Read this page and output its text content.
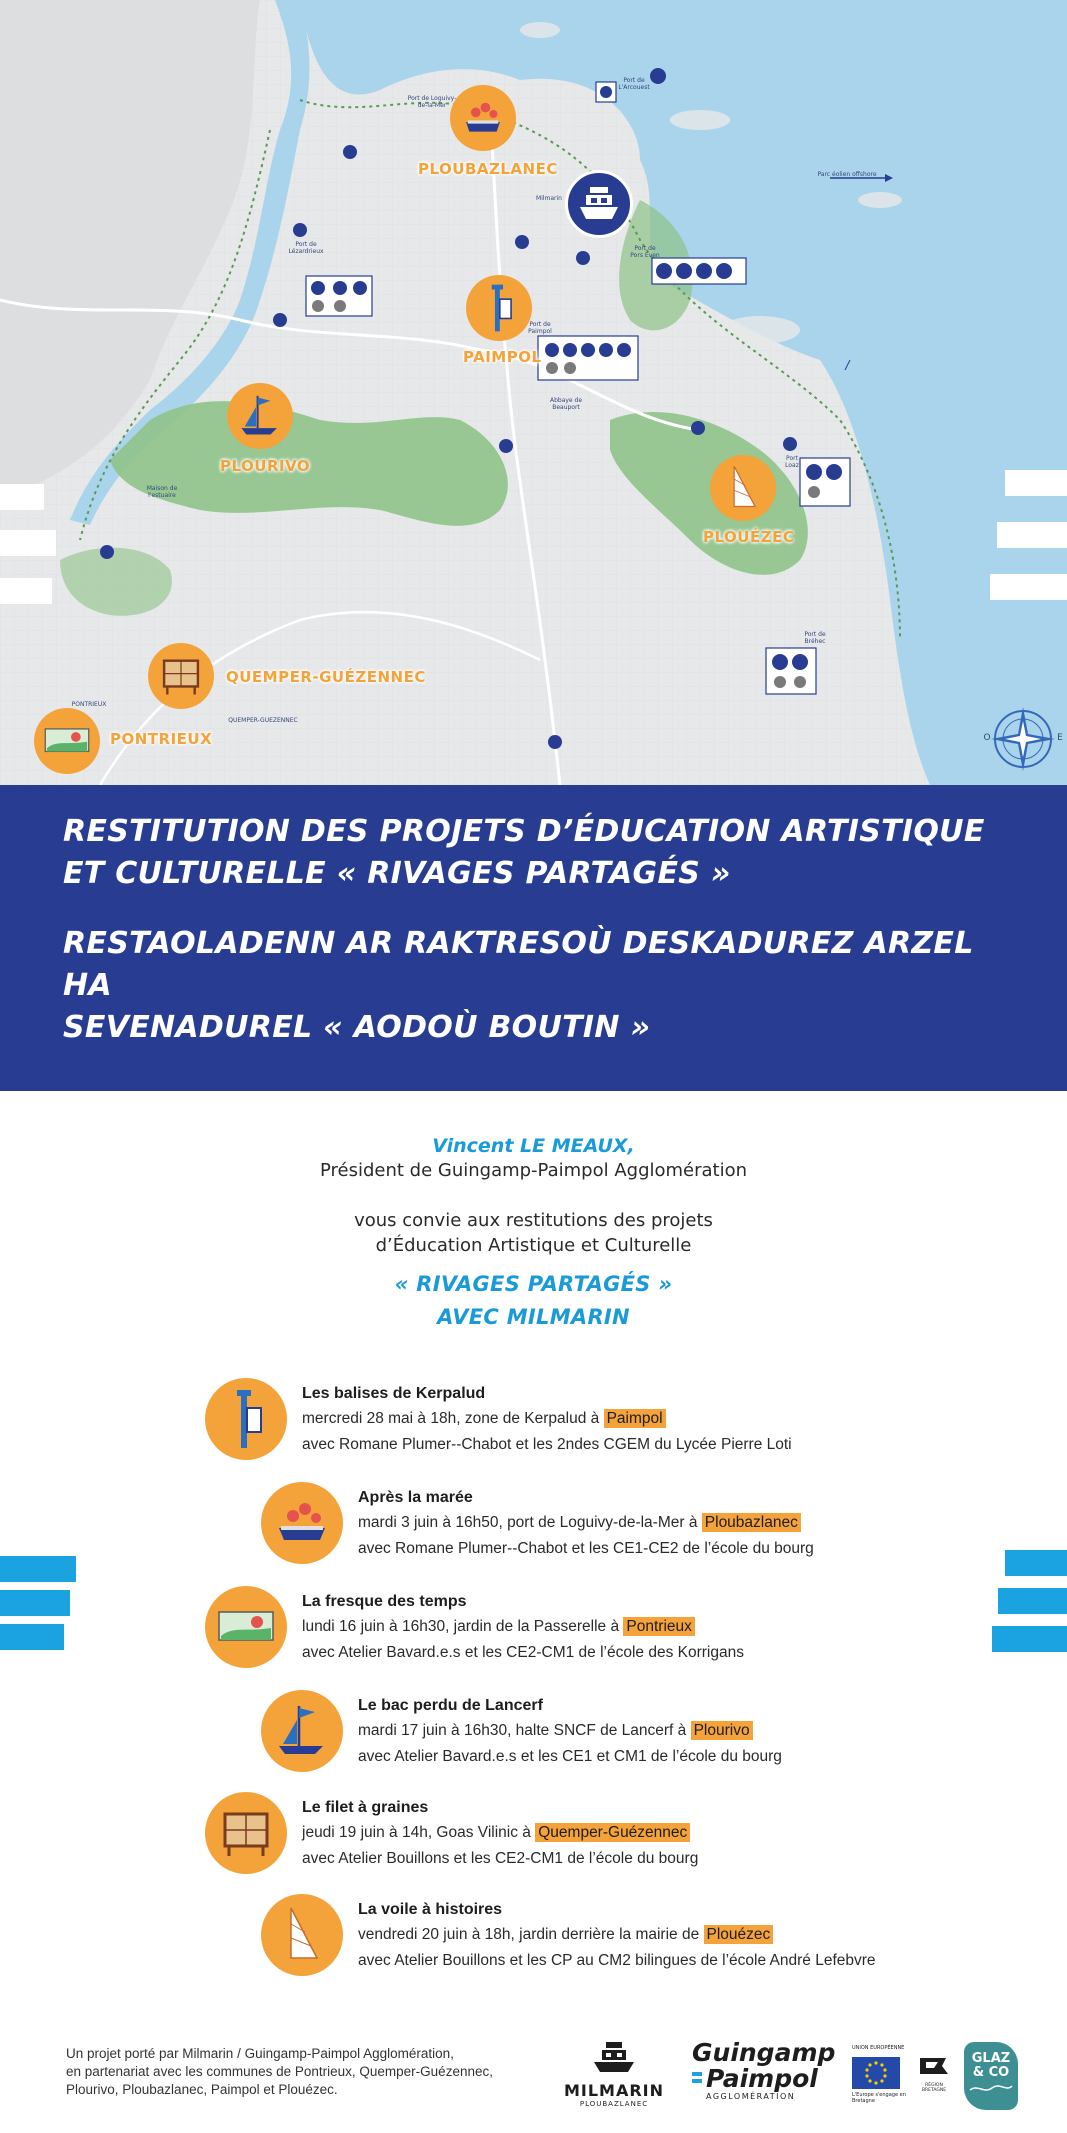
PLOUBAZLANEC
PAIMPOL
PLOURIVO
PLOUÉZEC
QUEMPER-GUÉZENNEC
PONTRIEUX
Port de Loguivy-de-la-Mer
Port de L'Arcouest
Parc éolien offshore
Port de Lézardrieux	Port de Pors Even
Port de Paimpol
Abbaye de Beauport
Port Loaz
Port de Bréhec
Maison de l'estuaire
Milmarin
QUEMPER-GUEZENNEC
PONTRIEUX
O	E
RESTITUTION DES PROJETS D’ÉDUCATION ARTISTIQUE
ET CULTURELLE « RIVAGES PARTAGÉS »
RESTAOLADENN AR RAKTRESOÙ DESKADUREZ ARZEL HA
SEVENADUREL « AODOÙ BOUTIN »
Vincent LE MEAUX,
Président de Guingamp-Paimpol Agglomération
vous convie aux restitutions des projets
d’Éducation Artistique et Culturelle
« RIVAGES PARTAGÉS »
AVEC MILMARIN
Les balises de Kerpalud
mercredi 28 mai à 18h, zone de Kerpalud à Paimpol
avec Romane Plumer--Chabot et les 2ndes CGEM du Lycée Pierre Loti
Après la marée
mardi 3 juin à 16h50, port de Loguivy-de-la-Mer à Ploubazlanec
avec Romane Plumer--Chabot et les CE1-CE2 de l’école du bourg
La fresque des temps
lundi 16 juin à 16h30, jardin de la Passerelle à Pontrieux
avec Atelier Bavard.e.s et les CE2-CM1 de l’école des Korrigans
Le bac perdu de Lancerf
mardi 17 juin à 16h30, halte SNCF de Lancerf à Plourivo
avec Atelier Bavard.e.s et les CE1 et CM1 de l’école du bourg
Le filet à graines
jeudi 19 juin à 14h, Goas Vilinic à Quemper-Guézennec
avec Atelier Bouillons et les CE2-CM1 de l’école du bourg
La voile à histoires
vendredi 20 juin à 18h, jardin derrière la mairie de Plouézec
avec Atelier Bouillons et les CP au CM2 bilingues de l’école André Lefebvre
Un projet porté par Milmarin / Guingamp-Paimpol Agglomération,
en partenariat avec les communes de Pontrieux, Quemper-Guézennec,
Plourivo, Ploubazlanec, Paimpol et Plouézec.	MILMARIN
PLOUBAZLANEC
Guingamp
Paimpol
AGGLOMÉRATION
UNION EUROPÉENNE
L'Europe s'engage en Bretagne
RÉGION BRETAGNE
GLAZ
& CO
